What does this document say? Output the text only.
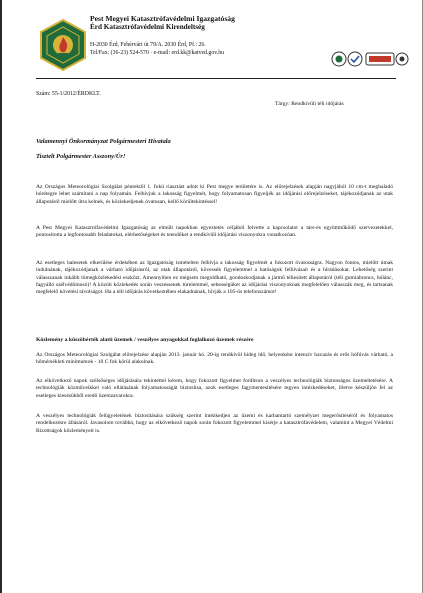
Pest Megyei Katasztrófavédelmi Igazgatóság
Érd Katasztrófavédelmi Kirendeltség
H-2030 Érd, Fehérvári út 79/A. 2030 Érd, Pf.: 26.
Tel/Fax: (36-23) 524-570 · e-mail: erd.kk@katved.gov.hu
Szám: 55-1/2012/ÉRDKLT.
Tárgy: Rendkívüli téli időjárás
Valamennyi Önkormányzat Polgármesteri Hivatala
Tisztelt Polgármester Asszony/Úr!

Az Országos Meteorológiai Szolgálat péntektől 1. fokú riasztást adott ki Pest megye területére is. Az előrejelzések alapján nagyjából 10 cm-t meghaladó hórétegre lehet számítani a nap folyamán. Felhívjuk a lakosság figyelmét, hogy folyamatosan figyeljék az időjárási előrejelzéseket, tájékozódjanak az utak állapotáról mielőtt útra kelnek, és közlekedjenek óvatosan, kellő körültekintéssel!

A Pest Megyei Katasztrófavédelmi Igazgatóság az elmúlt napokban egyeztetés céljából felvette a kapcsolatot a társ-és együttműködő szervezetekkel, pontosította a legfontosabb feladatokat, elérhetőségeket és teendőket a rendkívüli időjárási viszonyokra vonatkozóan.

Az esetleges balesetek elkerülése érdekében az Igazgatóság ismételten felhívja a lakosság figyelmét a fokozott óvatosságra. Nagyon fontos, mielőtt útnak indulnának, tájékozódjanak a várható időjárásról, az utak állapotáról, kövessék figyelemmel a hatóságok felhívásait és a hírádásokat. Lehetőség szerint válasszanak inkább tömegközlekedési eszközt. Amennyiben ez mégsem megoldható, gondoskodjanak a jármű téliesített állapotáról (téli gumiabroncs, hólánc, fagyálló szélvédőmosó)! A közúti közlekedés során veszessenek türelemmel, sebességüket az időjárási viszonyoknak megfelelően válasszák meg, és tartsanak megfelelő követési távolságot. Ha a téli időjárás következtében elakadnának, hívják a 105-ös telefonszámot!

Közlemény a küszöbérték alatti üzemek / veszélyes anyagokkal foglalkozó üzemek részére

Az Országos Meteorológiai Szolgálat előrejelzése alapján 2013. január hó. 20-ig rendkívül hideg idő, helyenként intenzív havazás és erős hófúvás várható, a hőmérsékleti minimumok - 10 C fok körül alakulnak.

Az elkövetkező napok szélsőséges időjárására tekintettel kérem, hogy fokozott figyelmet fordítson a veszélyes technológiák biztonságos üzemeltetésére. A technológiák közműveikkel való ellátásának folyamatosságát biztosítsa, azok esetleges fagymentesítésére tegyen intézkedéseket, illetve készüljön fel az esetleges kiesésükből eredő üzemzavarokra.

A veszélyes technológiák felügyeletének biztosítására szükség szerint intézkedjen az üzemi és karbantartó személyzet megerősítéséről és folyamatos rendelkezésre állásáról. Javasolom továbbá, hogy az elkövetkező napok során fokozott figyelemmel kísérje a katasztrófavédelem, valamint a Megyei Védelmi Bizottságok közleményeit is.
